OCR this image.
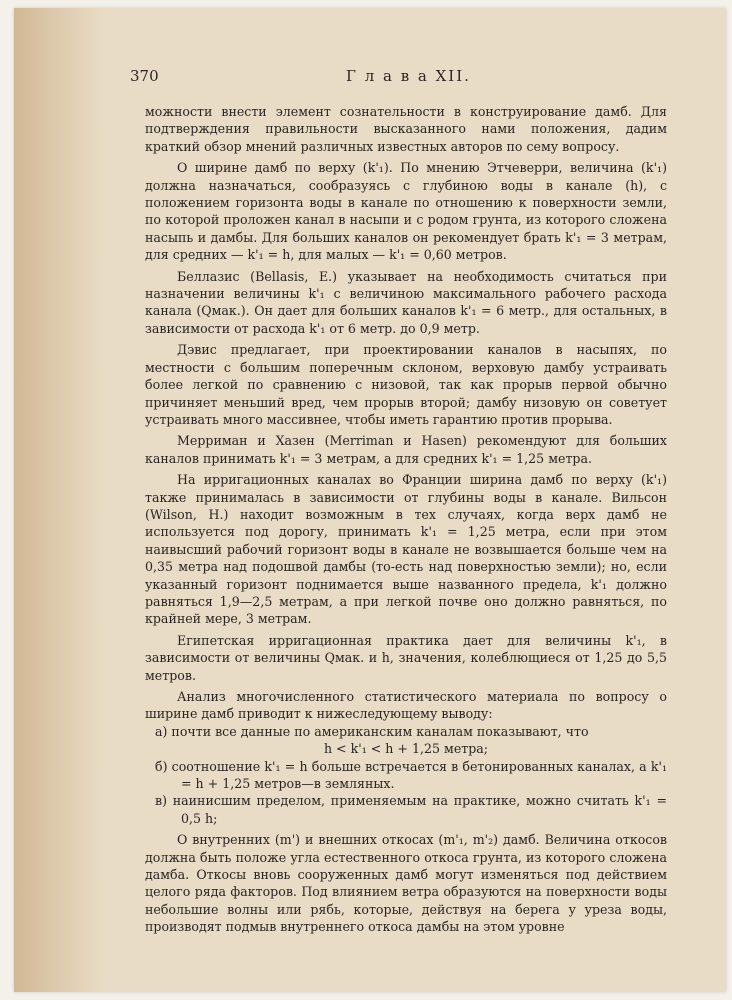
370	Г л а в а XII.

можности внести элемент сознательности в конструирование дамб. Для подтверждения правильности высказанного нами положения, дадим краткий обзор мнений различных известных авторов по сему вопросу.

О ширине дамб по верху (k'₁). По мнению Этчеверри, величина (k'₁) должна назначаться, сообразуясь с глубиною воды в канале (h), с положением горизонта воды в канале по отношению к поверхности земли, по которой проложен канал в насыпи и с родом грунта, из которого сложена насыпь и дамбы. Для больших каналов он рекомендует брать k'₁ = 3 метрам, для средних — k'₁ = h, для малых — k'₁ = 0,60 метров.

Беллазис (Bellasis, E.) указывает на необходимость считаться при назначении величины k'₁ с величиною максимального рабочего расхода канала (Qмак.). Он дает для больших каналов k'₁ = 6 метр., для остальных, в зависимости от расхода k'₁ от 6 метр. до 0,9 метр.

Дэвис предлагает, при проектировании каналов в насыпях, по местности с большим поперечным склоном, верховую дамбу устраивать более легкой по сравнению с низовой, так как прорыв первой обычно причиняет меньший вред, чем прорыв второй; дамбу низовую он советует устраивать много массивнее, чтобы иметь гарантию против прорыва.

Мерриман и Хазен (Merriman и Hasen) рекомендуют для больших каналов принимать k'₁ = 3 метрам, а для средних k'₁ = 1,25 метра.

На ирригационных каналах во Франции ширина дамб по верху (k'₁) также принималась в зависимости от глубины воды в канале. Вильсон (Wilson, H.) находит возможным в тех случаях, когда верх дамб не используется под дорогу, принимать k'₁ = 1,25 метра, если при этом наивысший рабочий горизонт воды в канале не возвышается больше чем на 0,35 метра над подошвой дамбы (то-есть над поверхностью земли); но, если указанный горизонт поднимается выше названного предела, k'₁ должно равняться 1,9—2,5 метрам, а при легкой почве оно должно равняться, по крайней мере, 3 метрам.

Египетская ирригационная практика дает для величины k'₁, в зависимости от величины Qмак. и h, значения, колеблющиеся от 1,25 до 5,5 метров.

Анализ многочисленного статистического материала по вопросу о ширине дамб приводит к нижеследующему выводу:

а) почти все данные по американским каналам показывают, что

h < k'₁ < h + 1,25 метра;

б) соотношение k'₁ = h больше встречается в бетонированных каналах, а k'₁ = h + 1,25 метров—в земляных.

в) наинисшим пределом, применяемым на практике, можно считать k'₁ = 0,5 h;

О внутренних (m') и внешних откосах (m'₁, m'₂) дамб. Величина откосов должна быть положе угла естественного откоса грунта, из которого сложена дамба. Откосы вновь сооруженных дамб могут изменяться под действием целого ряда факторов. Под влиянием ветра образуются на поверхности воды небольшие волны или рябь, которые, действуя на берега у уреза воды, производят подмыв внутреннего откоса дамбы на этом уровне
